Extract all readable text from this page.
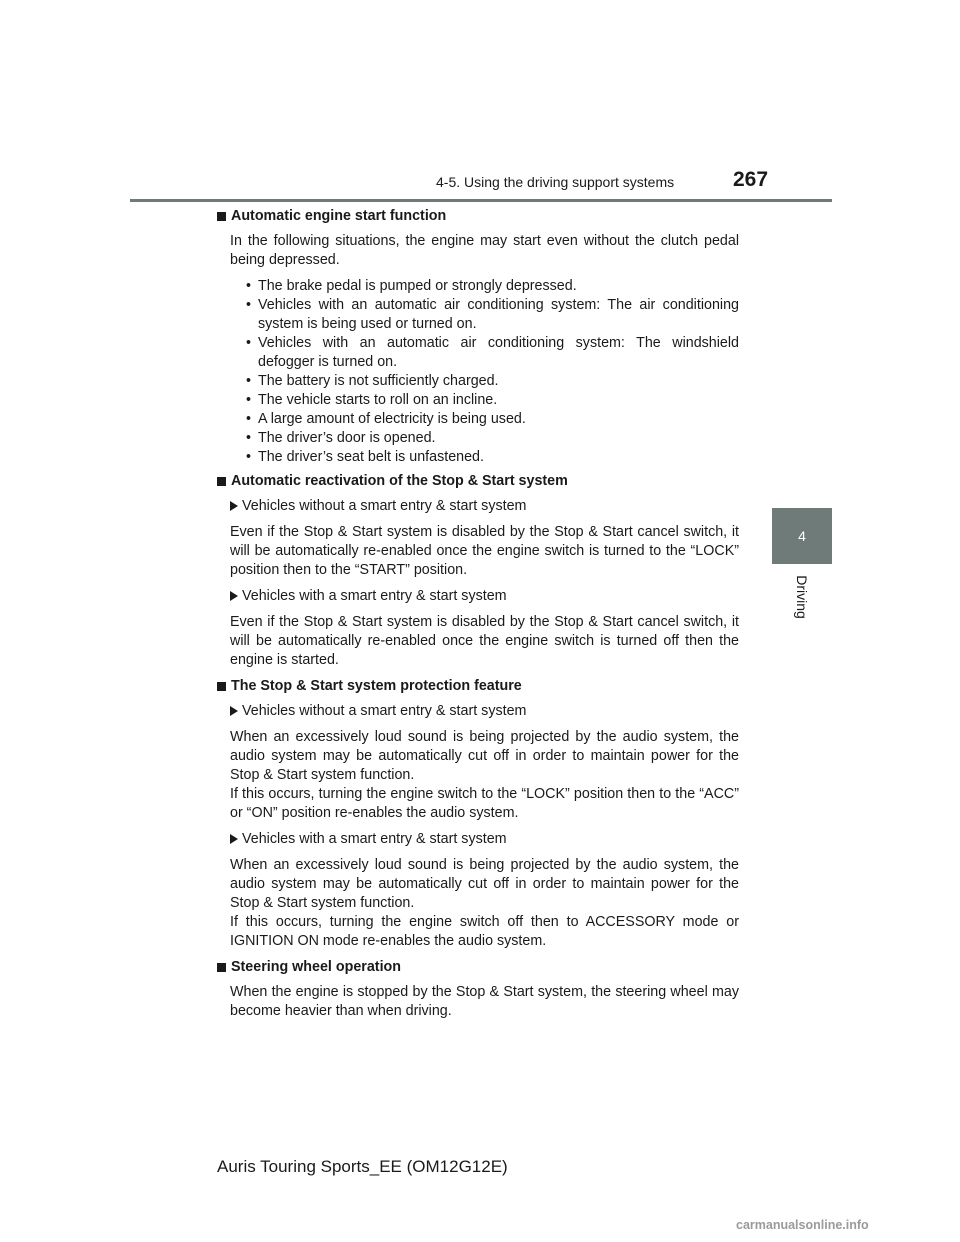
4-5. Using the driving support systems	267
4
Driving
Automatic engine start function
In the following situations, the engine may start even without the clutch pedal being depressed.
• The brake pedal is pumped or strongly depressed.
• Vehicles with an automatic air conditioning system: The air conditioning system is being used or turned on.
• Vehicles with an automatic air conditioning system: The windshield defogger is turned on.
• The battery is not sufficiently charged.
• The vehicle starts to roll on an incline.
• A large amount of electricity is being used.
• The driver’s door is opened.
• The driver’s seat belt is unfastened.
Automatic reactivation of the Stop & Start system
Vehicles without a smart entry & start system
Even if the Stop & Start system is disabled by the Stop & Start cancel switch, it will be automatically re-enabled once the engine switch is turned to the “LOCK” position then to the “START” position.
Vehicles with a smart entry & start system
Even if the Stop & Start system is disabled by the Stop & Start cancel switch, it will be automatically re-enabled once the engine switch is turned off then the engine is started.
The Stop & Start system protection feature
Vehicles without a smart entry & start system
When an excessively loud sound is being projected by the audio system, the audio system may be automatically cut off in order to maintain power for the Stop & Start system function.
If this occurs, turning the engine switch to the “LOCK” position then to the “ACC” or “ON” position re-enables the audio system.
Vehicles with a smart entry & start system
When an excessively loud sound is being projected by the audio system, the audio system may be automatically cut off in order to maintain power for the Stop & Start system function.
If this occurs, turning the engine switch off then to ACCESSORY mode or IGNITION ON mode re-enables the audio system.
Steering wheel operation
When the engine is stopped by the Stop & Start system, the steering wheel may become heavier than when driving.
Auris Touring Sports_EE (OM12G12E)
carmanualsonline.info
